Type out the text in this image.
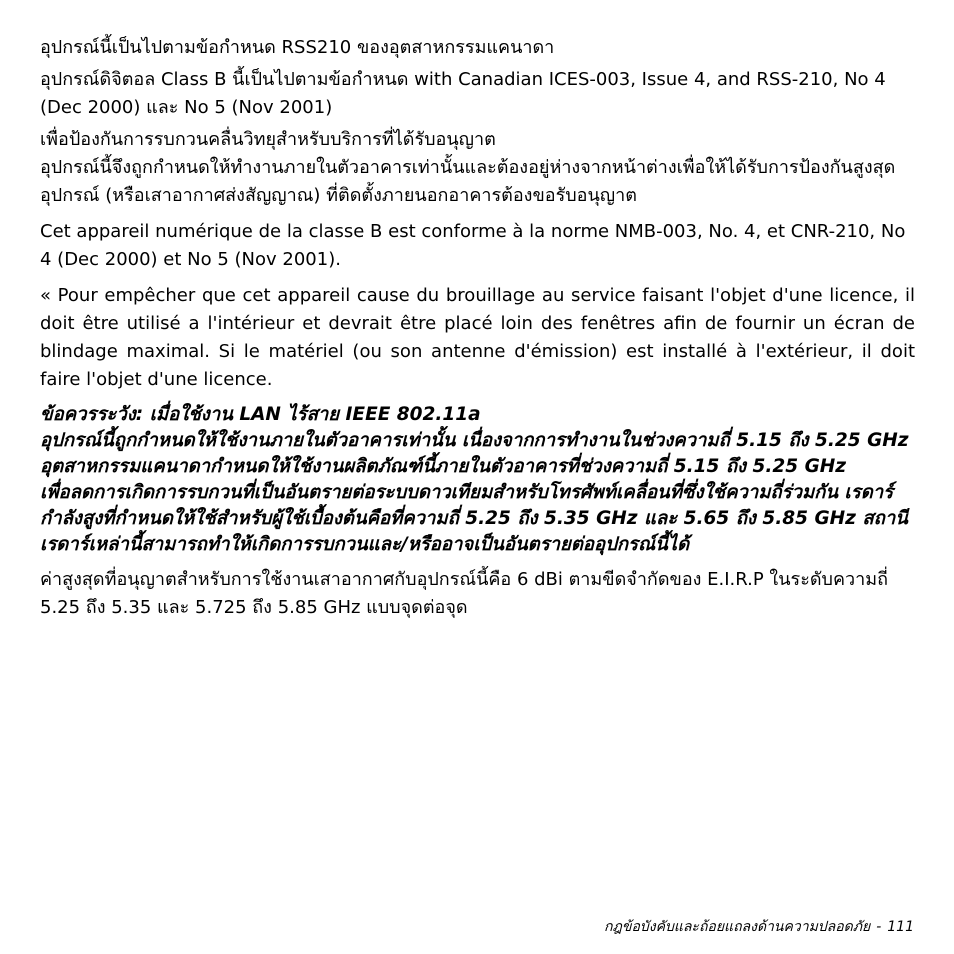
อุปกรณ์นี้เป็นไปตามข้อกำหนด RSS210 ของอุตสาหกรรมแคนาดา

อุปกรณ์ดิจิตอล Class B นี้เป็นไปตามข้อกำหนด with Canadian ICES-003, Issue 4, and RSS-210, No 4 (Dec 2000) และ No 5 (Nov 2001)

เพื่อป้องกันการรบกวนคลื่นวิทยุสำหรับบริการที่ได้รับอนุญาต

อุปกรณ์นี้จึงถูกกำหนดให้ทำงานภายในตัวอาคารเท่านั้นและต้องอยู่ห่างจากหน้าต่างเพื่อให้ได้รับการป้องกันสูงสุด อุปกรณ์ (หรือเสาอากาศส่งสัญญาณ) ที่ติดตั้งภายนอกอาคารต้องขอรับอนุญาต

Cet appareil numérique de la classe B est conforme à la norme NMB-003, No. 4, et CNR-210, No 4 (Dec 2000) et No 5 (Nov 2001).

« Pour empêcher que cet appareil cause du brouillage au service faisant l'objet d'une licence, il doit être utilisé a l'intérieur et devrait être placé loin des fenêtres afin de fournir un écran de blindage maximal. Si le matériel (ou son antenne d'émission) est installé à l'extérieur, il doit faire l'objet d'une licence.

ข้อควรระวัง: เมื่อใช้งาน LAN ไร้สาย IEEE 802.11a
อุปกรณ์นี้ถูกกำหนดให้ใช้งานภายในตัวอาคารเท่านั้น เนื่องจากการทำงานในช่วงความถี่ 5.15 ถึง 5.25 GHz อุตสาหกรรมแคนาดากำหนดให้ใช้งานผลิตภัณฑ์นี้ภายในตัวอาคารที่ช่วงความถี่ 5.15 ถึง 5.25 GHz
เพื่อลดการเกิดการรบกวนที่เป็นอันตรายต่อระบบดาวเทียมสำหรับโทรศัพท์เคลื่อนที่ซึ่งใช้ความถี่ร่วมกัน เรดาร์กำลังสูงที่กำหนดให้ใช้สำหรับผู้ใช้เบื้องต้นคือที่ความถี่ 5.25 ถึง 5.35 GHz และ 5.65 ถึง 5.85 GHz สถานีเรดาร์เหล่านี้สามารถทำให้เกิดการรบกวนและ/หรืออาจเป็นอันตรายต่ออุปกรณ์นี้ได้

ค่าสูงสุดที่อนุญาตสำหรับการใช้งานเสาอากาศกับอุปกรณ์นี้คือ 6 dBi ตามขีดจำกัดของ E.I.R.P ในระดับความถี่ 5.25 ถึง 5.35 และ 5.725 ถึง 5.85 GHz แบบจุดต่อจุด

กฎข้อบังคับและถ้อยแถลงด้านความปลอดภัย - 111
